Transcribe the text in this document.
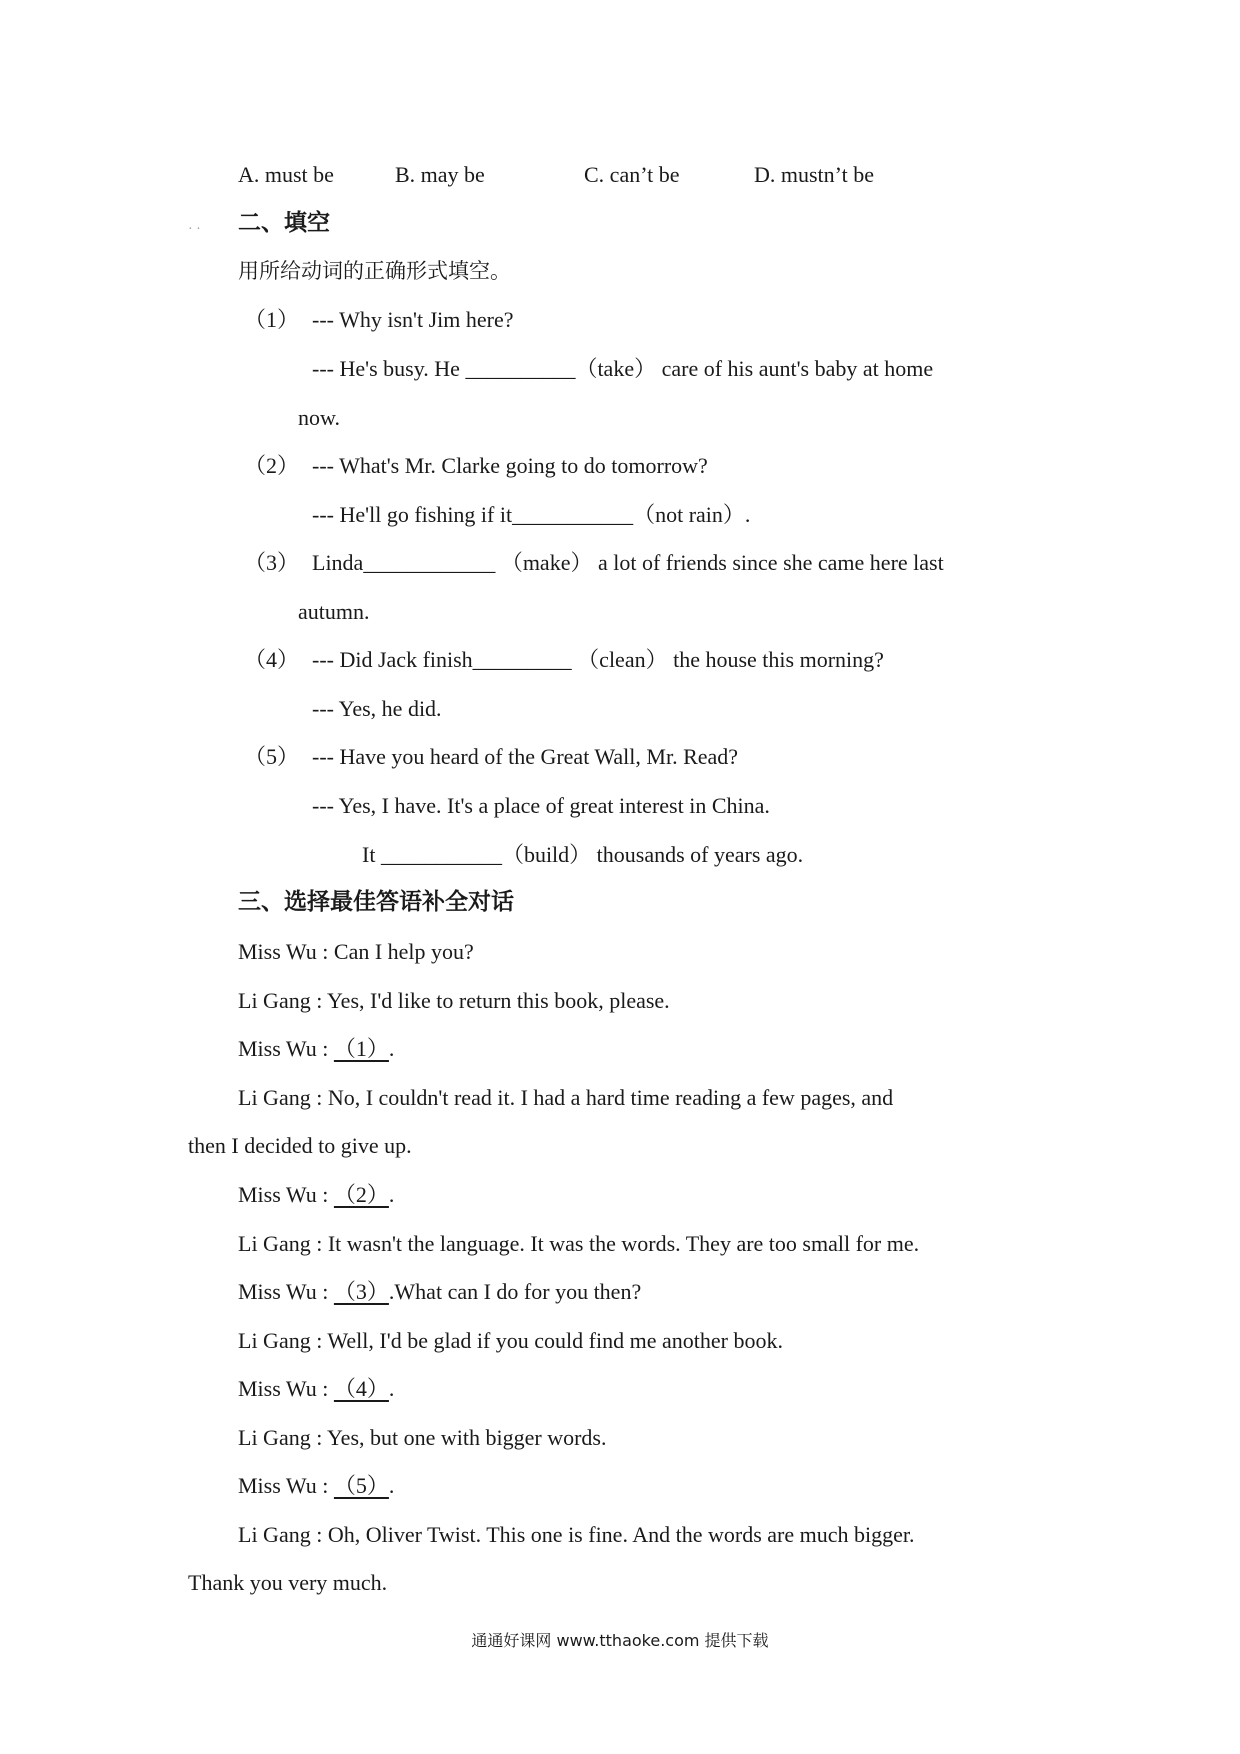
A. must be	B. may be	C. can’t be	D. mustn’t be
· · 二、填空
用所给动词的正确形式填空。
（1） --- Why isn't Jim here?
--- He's busy. He __________（take） care of his aunt's baby at home
now.
（2） --- What's Mr. Clarke going to do tomorrow?
--- He'll go fishing if it___________（not rain）.
（3） Linda____________ （make） a lot of friends since she came here last
autumn.
（4） --- Did Jack finish_________ （clean） the house this morning?
--- Yes, he did.
（5） --- Have you heard of the Great Wall, Mr. Read?
--- Yes, I have. It's a place of great interest in China.
It ___________（build） thousands of years ago.
三、选择最佳答语补全对话
Miss Wu : Can I help you?
Li Gang : Yes, I'd like to return this book, please.
Miss Wu : （1）.
Li Gang : No, I couldn't read it. I had a hard time reading a few pages, and
then I decided to give up.
Miss Wu : （2）.
Li Gang : It wasn't the language. It was the words. They are too small for me.
Miss Wu : （3）.What can I do for you then?
Li Gang : Well, I'd be glad if you could find me another book.
Miss Wu : （4）.
Li Gang : Yes, but one with bigger words.
Miss Wu : （5）.
Li Gang : Oh, Oliver Twist. This one is fine. And the words are much bigger.
Thank you very much.
通通好课网 www.tthaoke.com 提供下载
